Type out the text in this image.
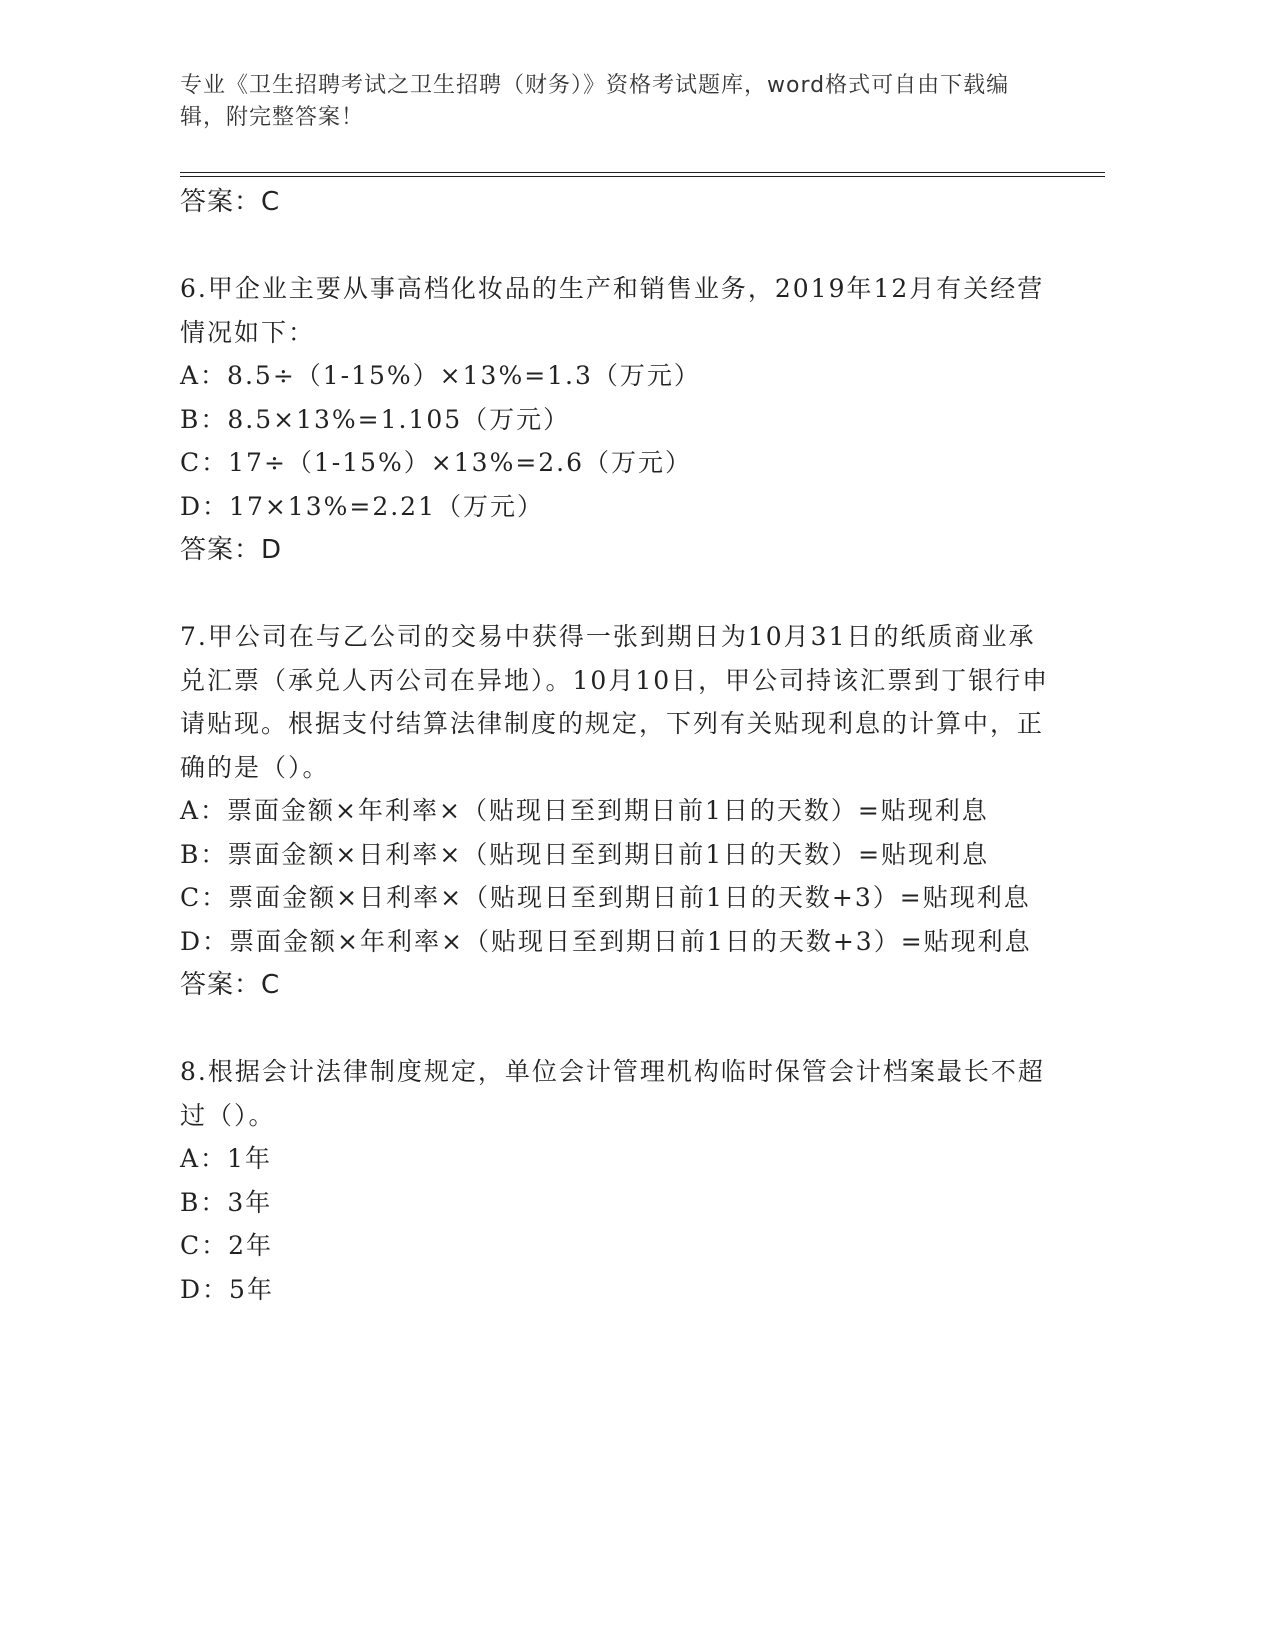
专业《卫生招聘考试之卫生招聘（财务）》资格考试题库，word格式可自由下载编辑，附完整答案！
答案：C
6.甲企业主要从事高档化妆品的生产和销售业务，2019年12月有关经营情况如下：
A：8.5÷（1-15%）×13%=1.3（万元）
B：8.5×13%=1.105（万元）
C：17÷（1-15%）×13%=2.6（万元）
D：17×13%=2.21（万元）
答案：D
7.甲公司在与乙公司的交易中获得一张到期日为10月31日的纸质商业承兑汇票（承兑人丙公司在异地）。10月10日，甲公司持该汇票到丁银行申请贴现。根据支付结算法律制度的规定，下列有关贴现利息的计算中，正确的是（）。
A：票面金额×年利率×（贴现日至到期日前1日的天数）=贴现利息
B：票面金额×日利率×（贴现日至到期日前1日的天数）=贴现利息
C：票面金额×日利率×（贴现日至到期日前1日的天数+3）=贴现利息
D：票面金额×年利率×（贴现日至到期日前1日的天数+3）=贴现利息
答案：C
8.根据会计法律制度规定，单位会计管理机构临时保管会计档案最长不超过（）。
A：1年
B：3年
C：2年
D：5年
